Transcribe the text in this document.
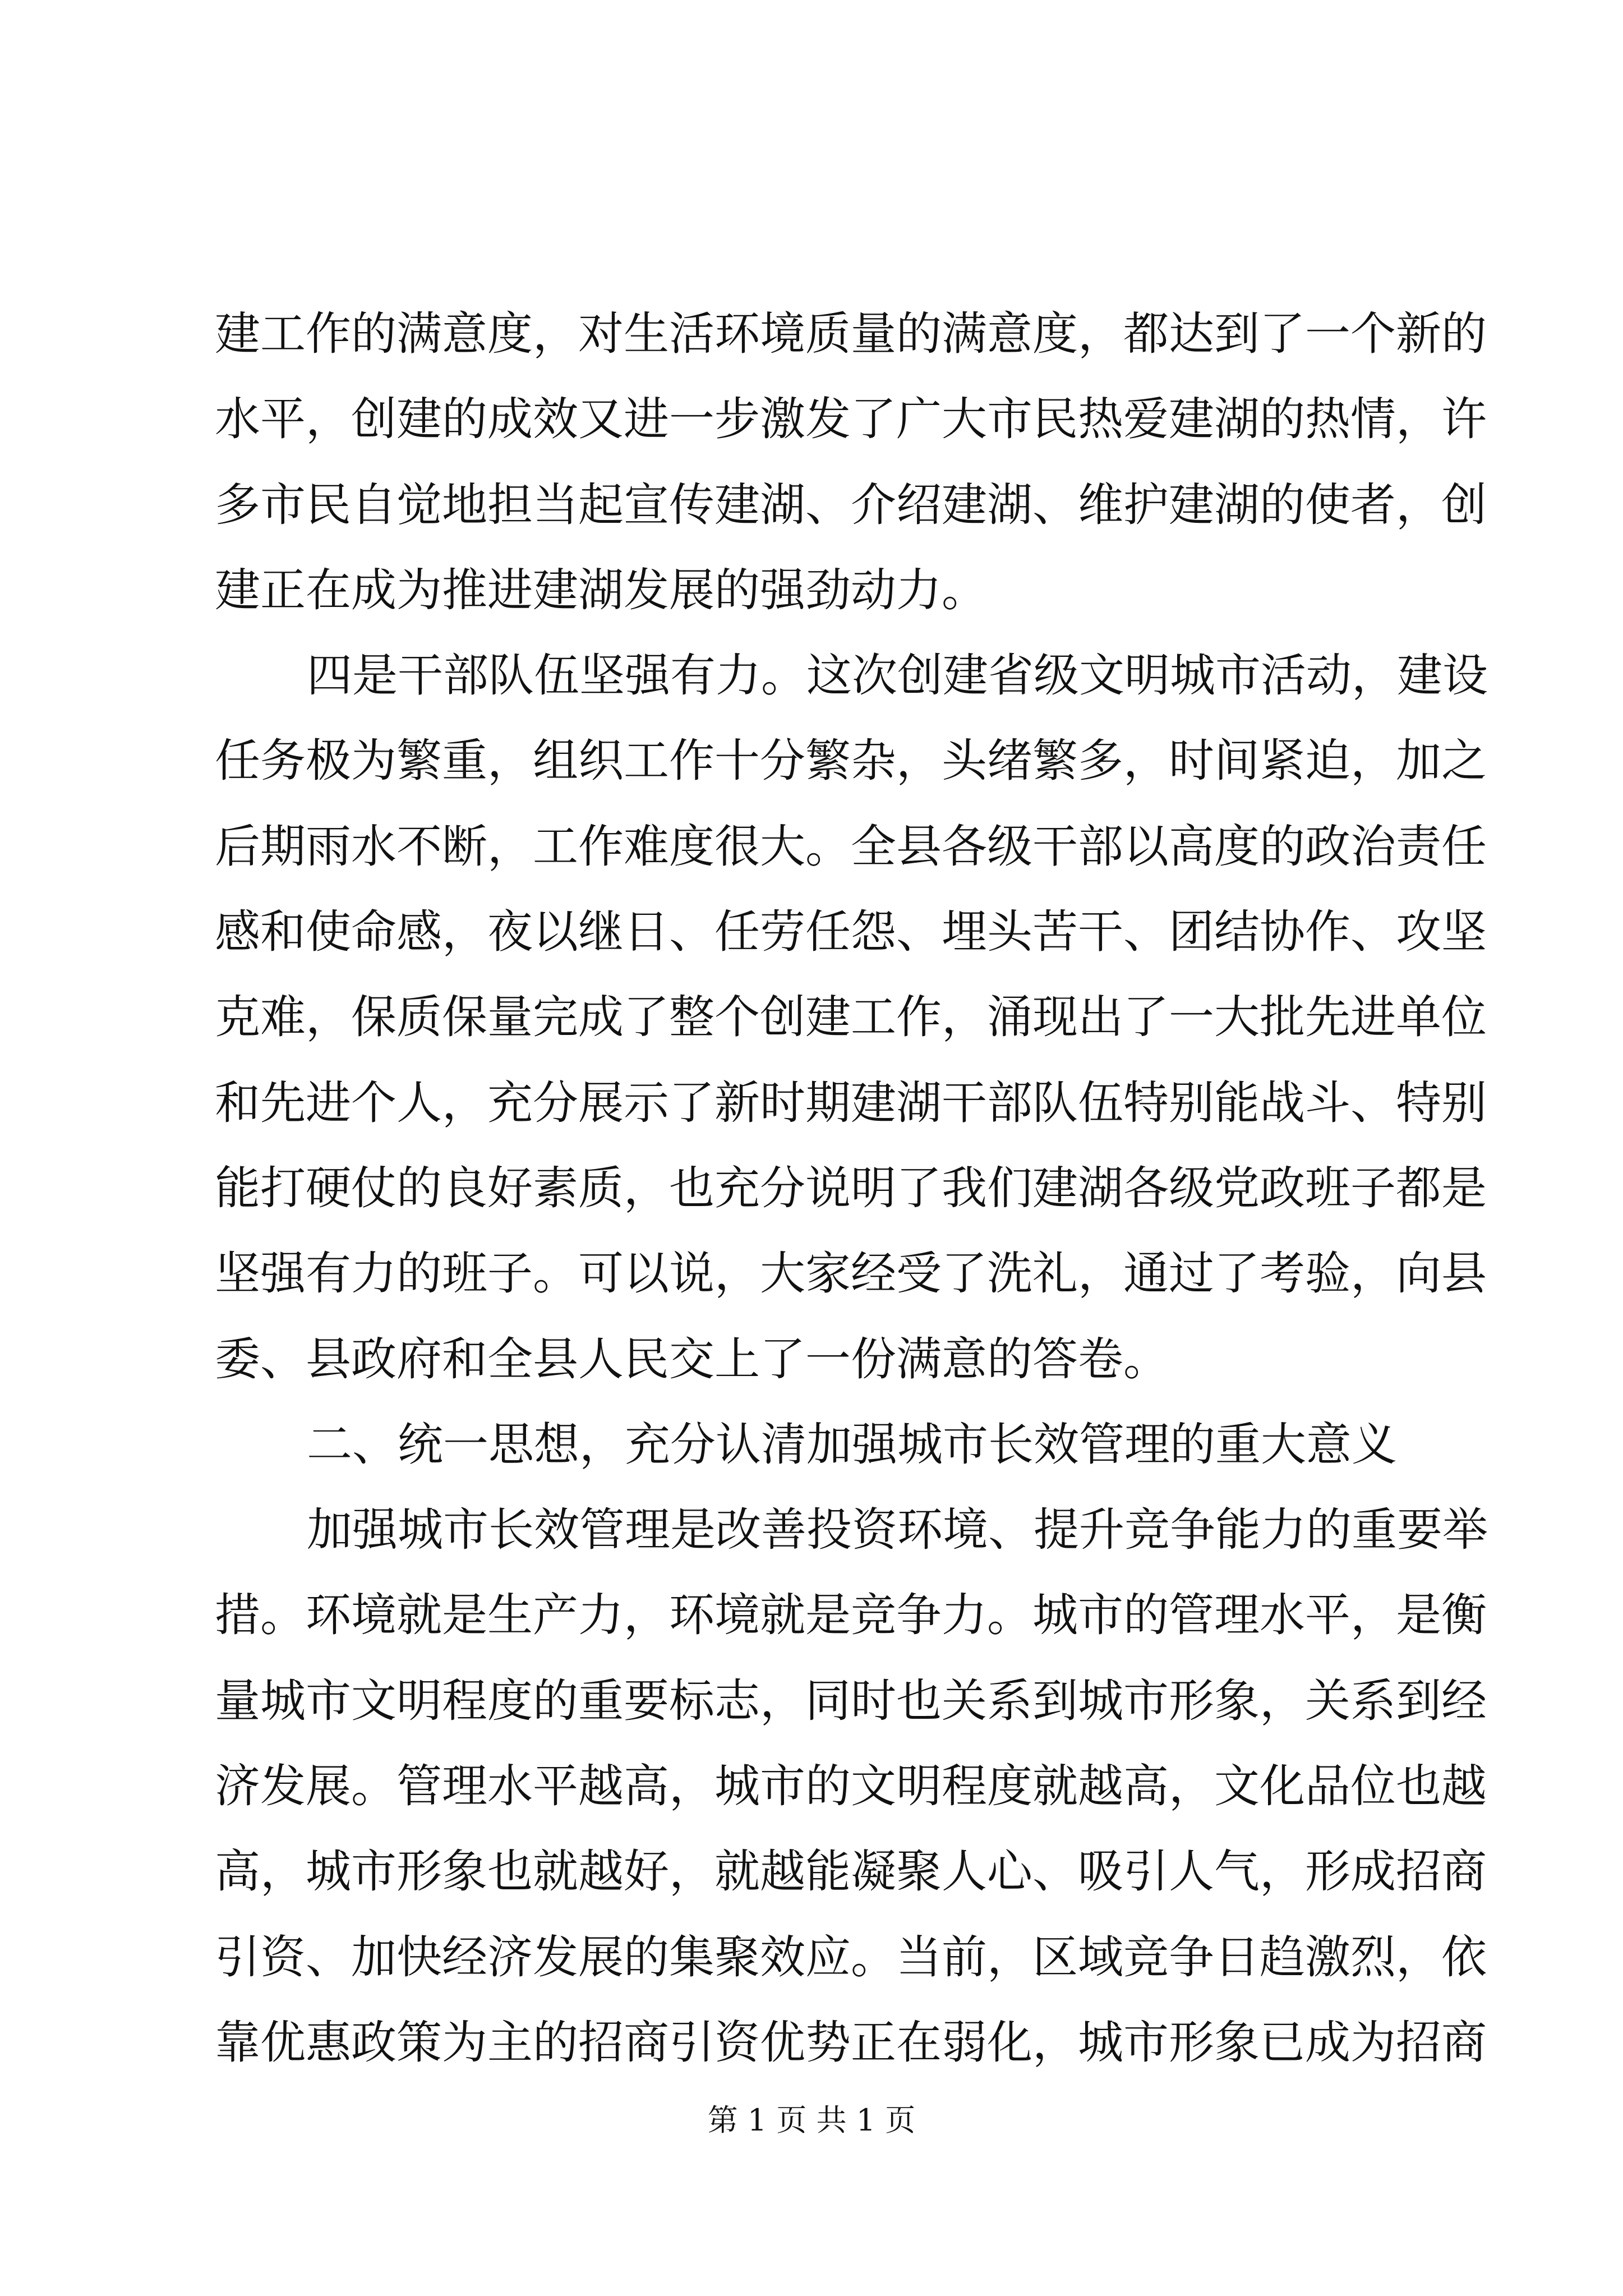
建工作的满意度，对生活环境质量的满意度，都达到了一个新的
水平，创建的成效又进一步激发了广大市民热爱建湖的热情，许
多市民自觉地担当起宣传建湖、介绍建湖、维护建湖的使者，创
建正在成为推进建湖发展的强劲动力。
四是干部队伍坚强有力。这次创建省级文明城市活动，建设
任务极为繁重，组织工作十分繁杂，头绪繁多，时间紧迫，加之
后期雨水不断，工作难度很大。全县各级干部以高度的政治责任
感和使命感，夜以继日、任劳任怨、埋头苦干、团结协作、攻坚
克难，保质保量完成了整个创建工作，涌现出了一大批先进单位
和先进个人，充分展示了新时期建湖干部队伍特别能战斗、特别
能打硬仗的良好素质，也充分说明了我们建湖各级党政班子都是
坚强有力的班子。可以说，大家经受了洗礼，通过了考验，向县
委、县政府和全县人民交上了一份满意的答卷。
二、统一思想，充分认清加强城市长效管理的重大意义
加强城市长效管理是改善投资环境、提升竞争能力的重要举
措。环境就是生产力，环境就是竞争力。城市的管理水平，是衡
量城市文明程度的重要标志，同时也关系到城市形象，关系到经
济发展。管理水平越高，城市的文明程度就越高，文化品位也越
高，城市形象也就越好，就越能凝聚人心、吸引人气，形成招商
引资、加快经济发展的集聚效应。当前，区域竞争日趋激烈，依
靠优惠政策为主的招商引资优势正在弱化，城市形象已成为招商
第 1 页 共 1 页
